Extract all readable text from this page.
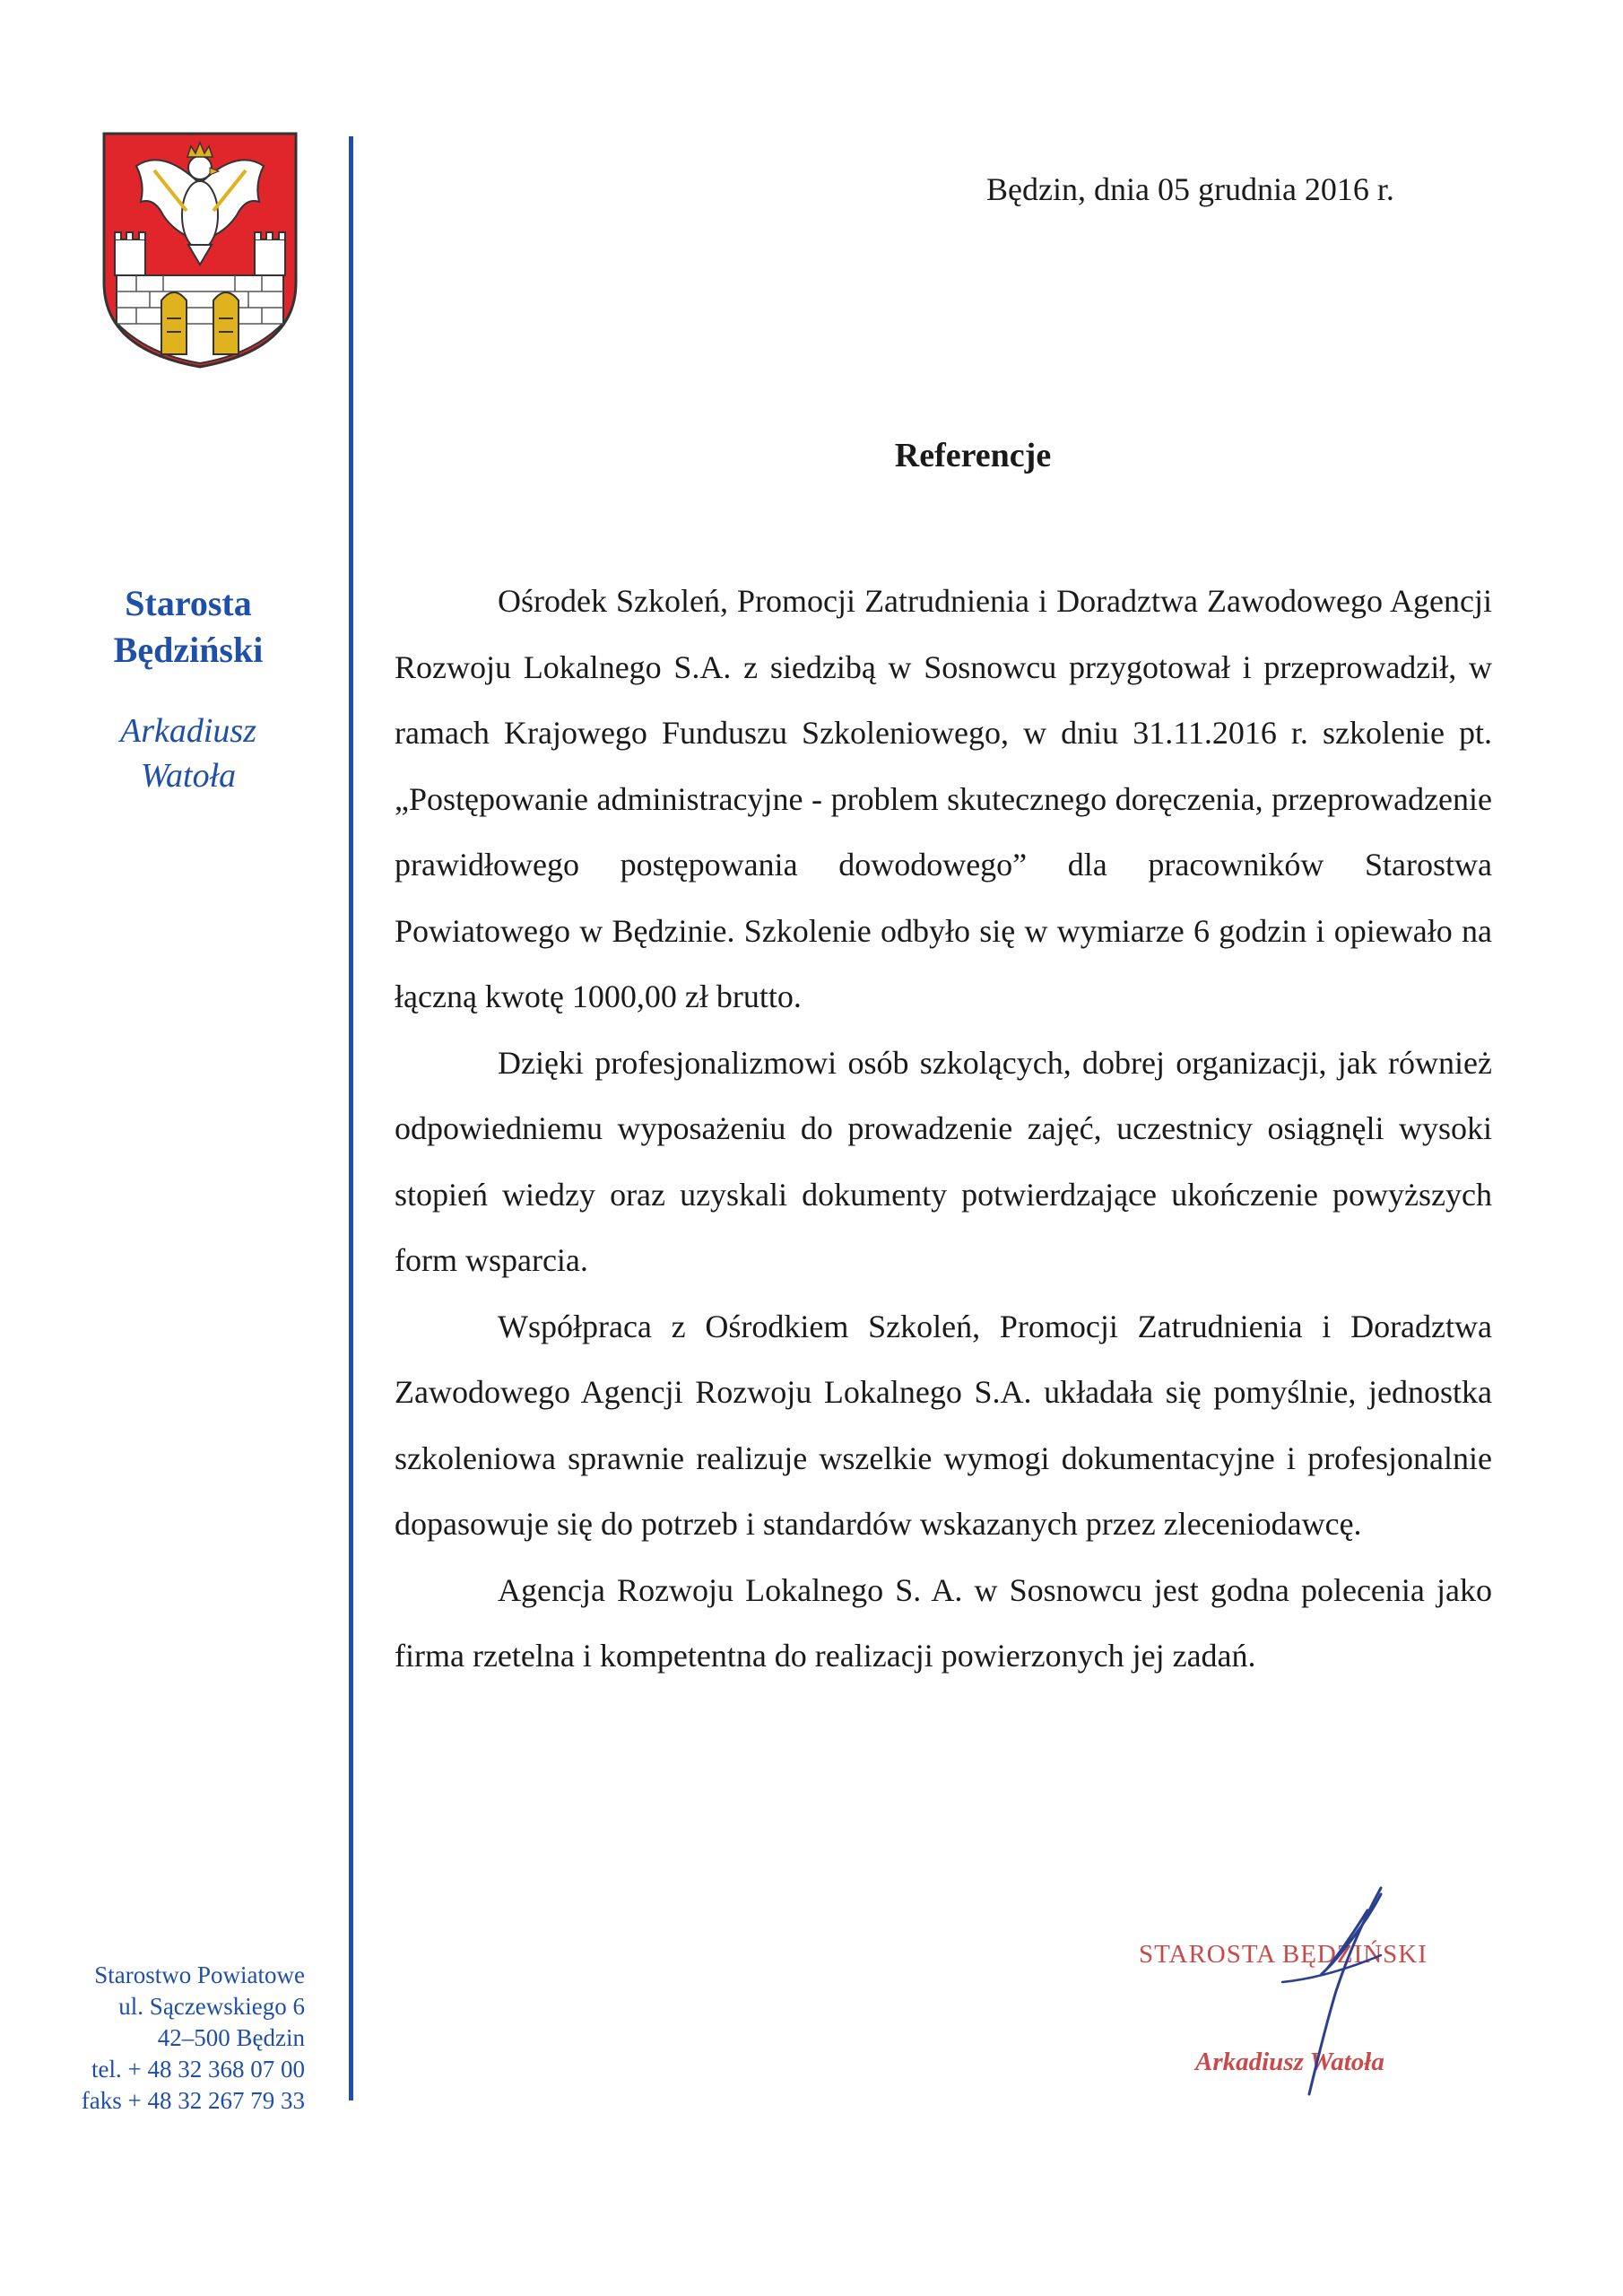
Starosta
Będziński
Arkadiusz
Watoła
Starostwo Powiatowe
ul. Sączewskiego 6
42–500 Będzin
tel. + 48 32 368 07 00
faks + 48 32 267 79 33
Będzin, dnia 05 grudnia 2016 r.
Referencje

Ośrodek Szkoleń, Promocji Zatrudnienia i Doradztwa Zawodowego Agencji Rozwoju Lokalnego S.A. z siedzibą w Sosnowcu przygotował i przeprowadził, w ramach Krajowego Funduszu Szkoleniowego, w dniu 31.11.2016 r. szkolenie pt. „Postępowanie administracyjne - problem skutecznego doręczenia, przeprowadzenie prawidłowego postępowania dowodowego” dla pracowników Starostwa Powiatowego w Będzinie. Szkolenie odbyło się w wymiarze 6 godzin i opiewało na łączną kwotę 1000,00 zł brutto.

Dzięki profesjonalizmowi osób szkolących, dobrej organizacji, jak również odpowiedniemu wyposażeniu do prowadzenie zajęć, uczestnicy osiągnęli wysoki stopień wiedzy oraz uzyskali dokumenty potwierdzające ukończenie powyższych form wsparcia.

Współpraca z Ośrodkiem Szkoleń, Promocji Zatrudnienia i Doradztwa Zawodowego Agencji Rozwoju Lokalnego S.A. układała się pomyślnie, jednostka szkoleniowa sprawnie realizuje wszelkie wymogi dokumentacyjne i profesjonalnie dopasowuje się do potrzeb i standardów wskazanych przez zleceniodawcę.

Agencja Rozwoju Lokalnego S. A. w Sosnowcu jest godna polecenia jako firma rzetelna i kompetentna do realizacji powierzonych jej zadań.

STAROSTA BĘDZIŃSKI
Arkadiusz Watoła
